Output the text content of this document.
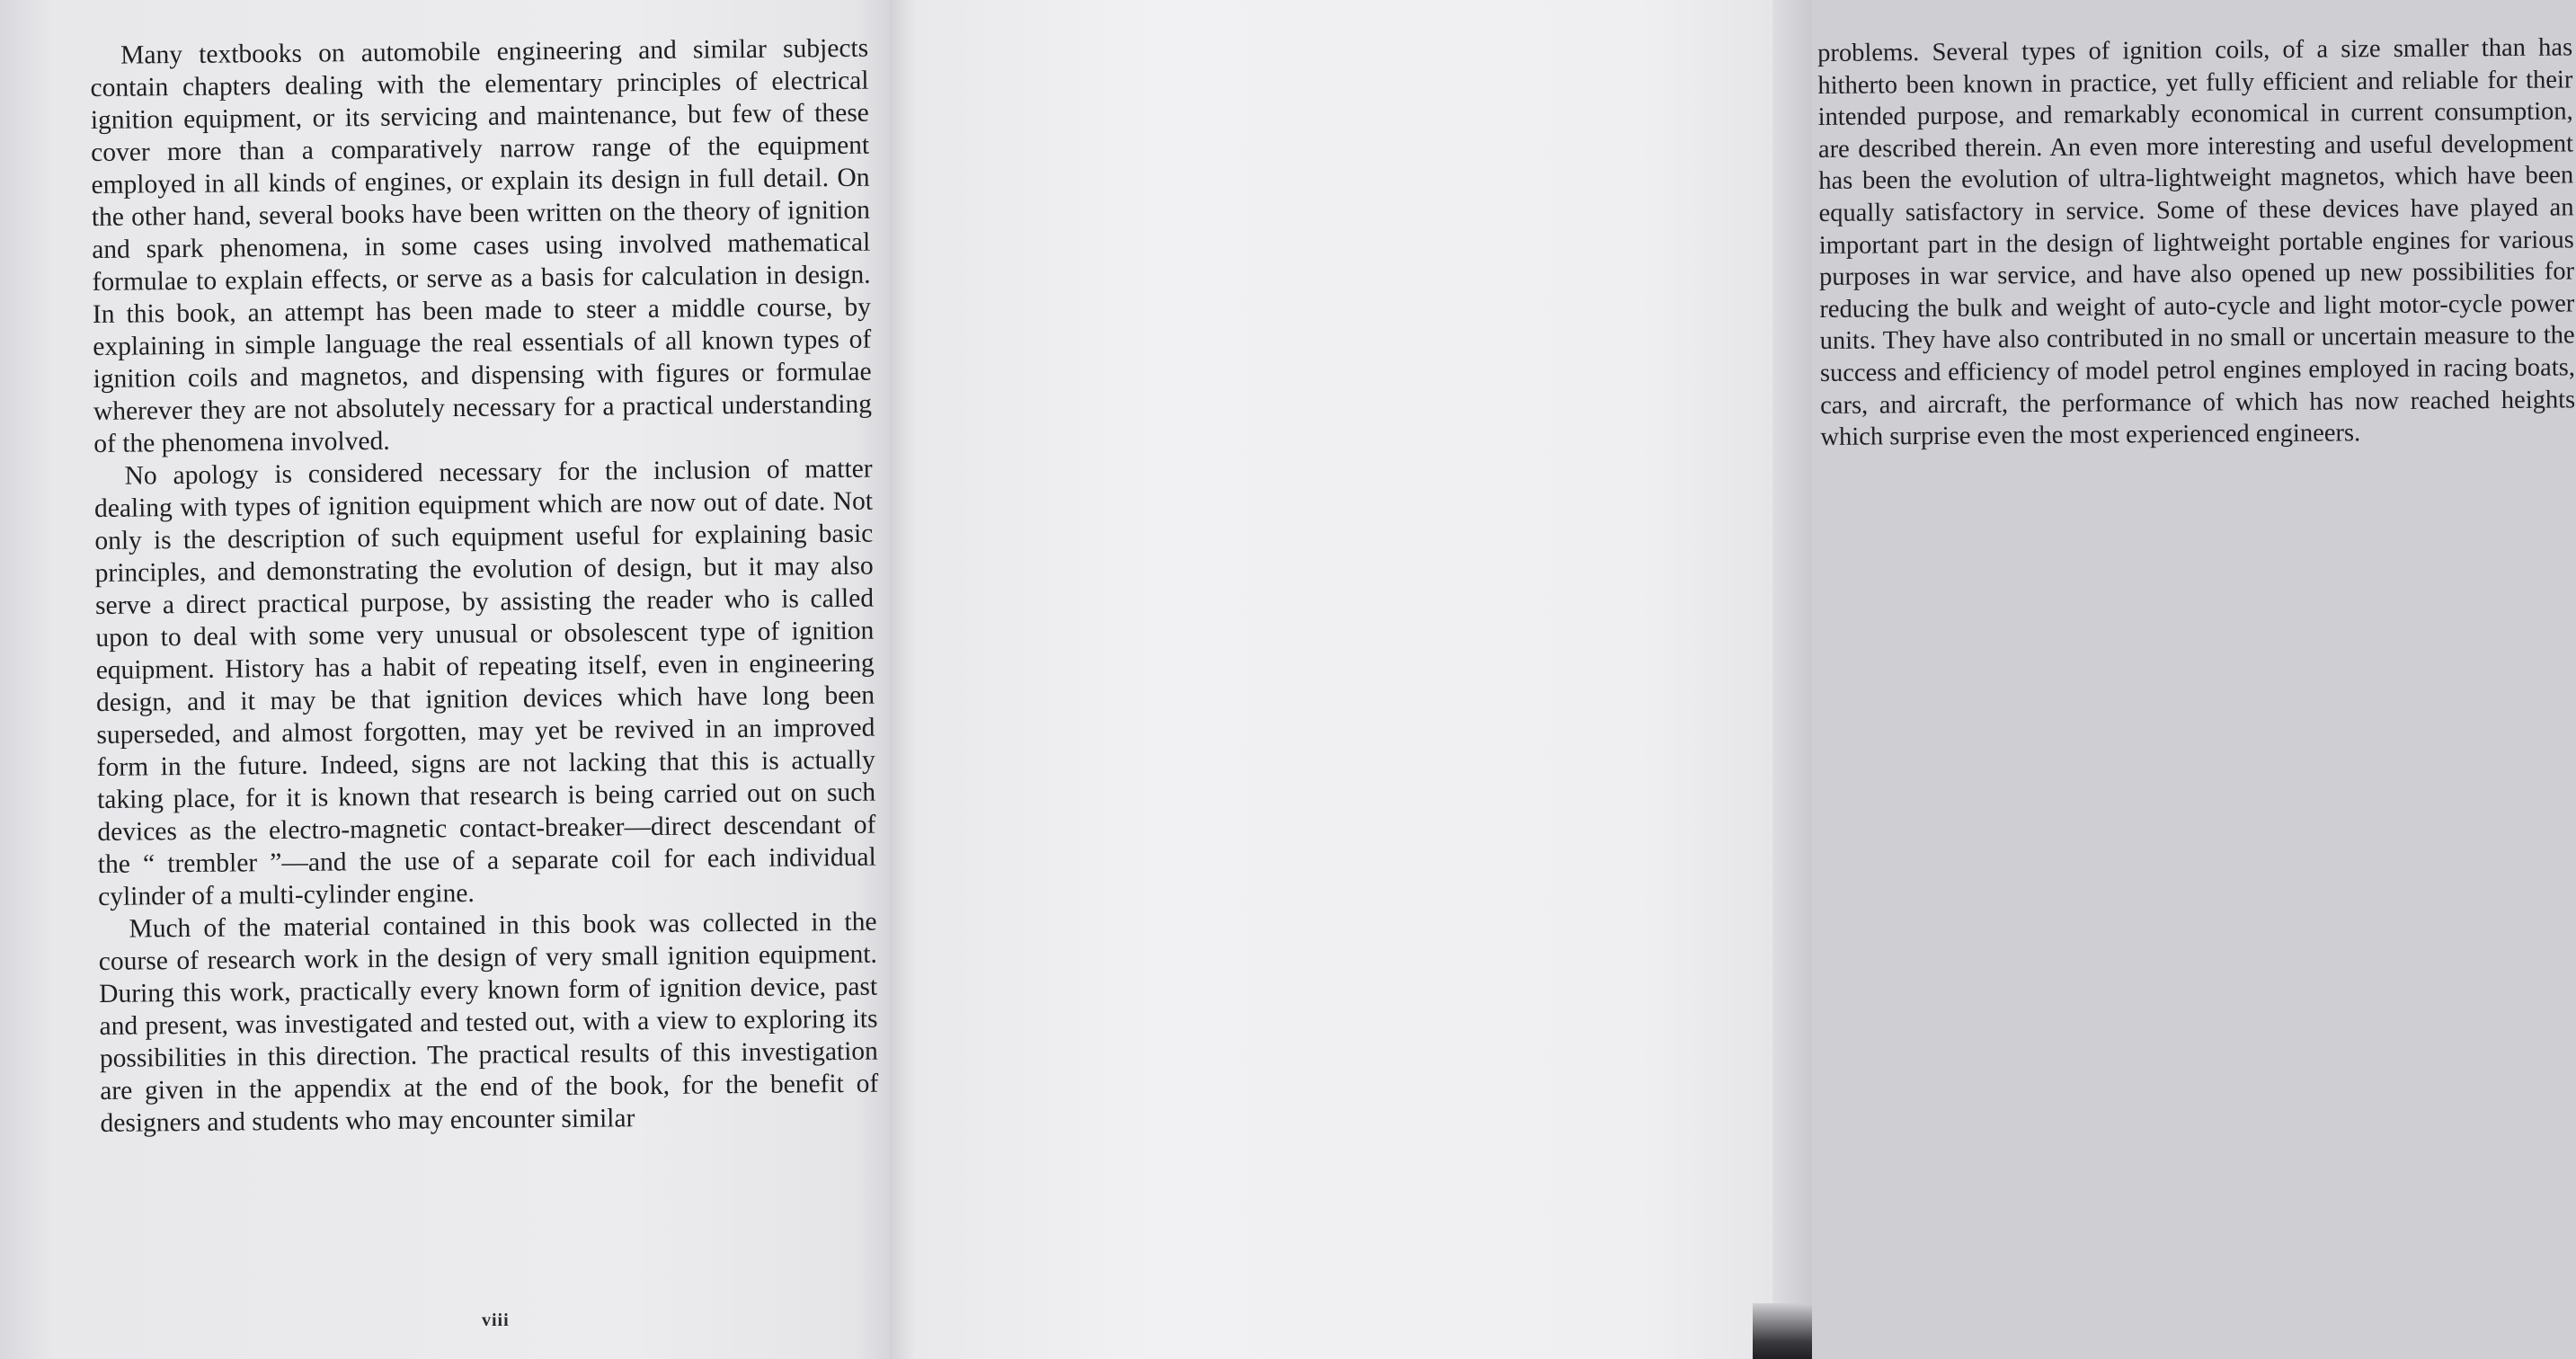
Many textbooks on automobile engineering and similar subjects contain chapters dealing with the elementary principles of electrical ignition equipment, or its servicing and maintenance, but few of these cover more than a comparatively narrow range of the equipment employed in all kinds of engines, or explain its design in full detail. On the other hand, several books have been written on the theory of ignition and spark phenomena, in some cases using involved mathematical formulae to explain effects, or serve as a basis for calculation in design. In this book, an attempt has been made to steer a middle course, by explaining in simple language the real essentials of all known types of ignition coils and magnetos, and dispensing with figures or formulae wherever they are not absolutely necessary for a practical understanding of the phenomena involved.

No apology is considered necessary for the inclusion of matter dealing with types of ignition equipment which are now out of date. Not only is the description of such equipment useful for explaining basic principles, and demonstrating the evolution of design, but it may also serve a direct practical purpose, by assisting the reader who is called upon to deal with some very unusual or obsolescent type of ignition equipment. History has a habit of repeating itself, even in engineering design, and it may be that ignition devices which have long been superseded, and almost forgotten, may yet be revived in an improved form in the future. Indeed, signs are not lacking that this is actually taking place, for it is known that research is being carried out on such devices as the electro-magnetic contact-breaker—direct descendant of the “ trembler ”—and the use of a separate coil for each individual cylinder of a multi-cylinder engine.

Much of the material contained in this book was collected in the course of research work in the design of very small ignition equipment. During this work, practically every known form of ignition device, past and present, was investigated and tested out, with a view to exploring its possibilities in this direction. The practical results of this investigation are given in the appendix at the end of the book, for the benefit of designers and students who may encounter similar

viii

problems. Several types of ignition coils, of a size smaller than has hitherto been known in practice, yet fully efficient and reliable for their intended purpose, and remarkably economical in current consumption, are described therein. An even more interesting and useful development has been the evolution of ultra-lightweight magnetos, which have been equally satisfactory in service. Some of these devices have played an important part in the design of lightweight portable engines for various purposes in war service, and have also opened up new possibilities for reducing the bulk and weight of auto-cycle and light motor-cycle power units. They have also contributed in no small or uncertain measure to the success and efficiency of model petrol engines employed in racing boats, cars, and aircraft, the performance of which has now reached heights which surprise even the most experienced engineers.
